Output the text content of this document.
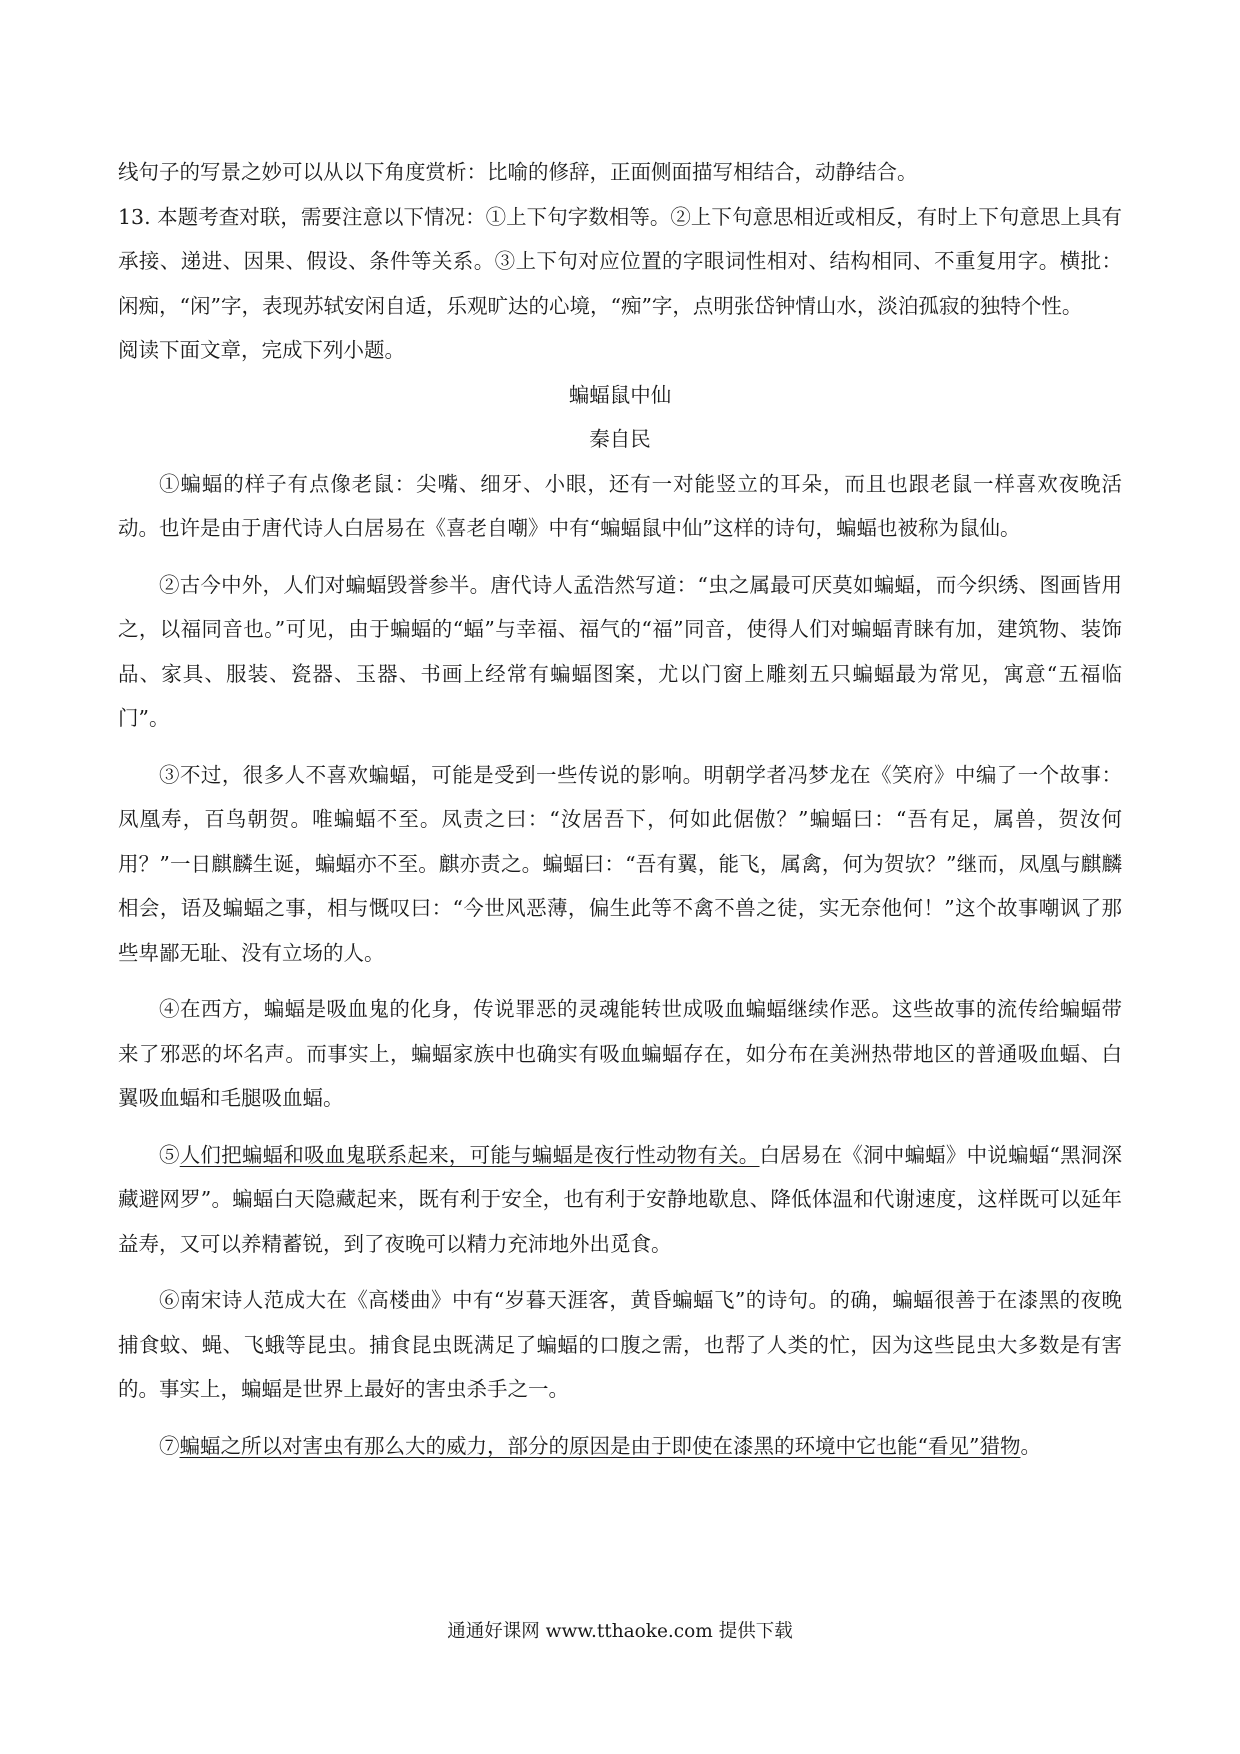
线句子的写景之妙可以从以下角度赏析：比喻的修辞，正面侧面描写相结合，动静结合。

13. 本题考查对联，需要注意以下情况：①上下句字数相等。②上下句意思相近或相反，有时上下句意思上具有承接、递进、因果、假设、条件等关系。③上下句对应位置的字眼词性相对、结构相同、不重复用字。横批：闲痴，“闲”字，表现苏轼安闲自适，乐观旷达的心境，“痴”字，点明张岱钟情山水，淡泊孤寂的独特个性。

阅读下面文章，完成下列小题。

蝙蝠鼠中仙

秦自民

①蝙蝠的样子有点像老鼠：尖嘴、细牙、小眼，还有一对能竖立的耳朵，而且也跟老鼠一样喜欢夜晚活动。也许是由于唐代诗人白居易在《喜老自嘲》中有“蝙蝠鼠中仙”这样的诗句，蝙蝠也被称为鼠仙。

②古今中外，人们对蝙蝠毁誉参半。唐代诗人孟浩然写道：“虫之属最可厌莫如蝙蝠，而今织绣、图画皆用之，以福同音也。”可见，由于蝙蝠的“蝠”与幸福、福气的“福”同音，使得人们对蝙蝠青睐有加，建筑物、装饰品、家具、服装、瓷器、玉器、书画上经常有蝙蝠图案，尤以门窗上雕刻五只蝙蝠最为常见，寓意“五福临门”。

③不过，很多人不喜欢蝙蝠，可能是受到一些传说的影响。明朝学者冯梦龙在《笑府》中编了一个故事：凤凰寿，百鸟朝贺。唯蝙蝠不至。凤责之曰：“汝居吾下，何如此倨傲？”蝙蝠曰：“吾有足，属兽，贺汝何用？”一日麒麟生诞，蝙蝠亦不至。麒亦责之。蝙蝠曰：“吾有翼，能飞，属禽，何为贺欤？”继而，凤凰与麒麟相会，语及蝙蝠之事，相与慨叹曰：“今世风恶薄，偏生此等不禽不兽之徒，实无奈他何！”这个故事嘲讽了那些卑鄙无耻、没有立场的人。

④在西方，蝙蝠是吸血鬼的化身，传说罪恶的灵魂能转世成吸血蝙蝠继续作恶。这些故事的流传给蝙蝠带来了邪恶的坏名声。而事实上，蝙蝠家族中也确实有吸血蝙蝠存在，如分布在美洲热带地区的普通吸血蝠、白翼吸血蝠和毛腿吸血蝠。

⑤人们把蝙蝠和吸血鬼联系起来，可能与蝙蝠是夜行性动物有关。白居易在《洞中蝙蝠》中说蝙蝠“黑洞深藏避网罗”。蝙蝠白天隐藏起来，既有利于安全，也有利于安静地歇息、降低体温和代谢速度，这样既可以延年益寿，又可以养精蓄锐，到了夜晚可以精力充沛地外出觅食。

⑥南宋诗人范成大在《高楼曲》中有“岁暮天涯客，黄昏蝙蝠飞”的诗句。的确，蝙蝠很善于在漆黑的夜晚捕食蚊、蝇、飞蛾等昆虫。捕食昆虫既满足了蝙蝠的口腹之需，也帮了人类的忙，因为这些昆虫大多数是有害的。事实上，蝙蝠是世界上最好的害虫杀手之一。

⑦蝙蝠之所以对害虫有那么大的威力，部分的原因是由于即使在漆黑的环境中它也能“看见”猎物。

通通好课网 www.tthaoke.com 提供下载
